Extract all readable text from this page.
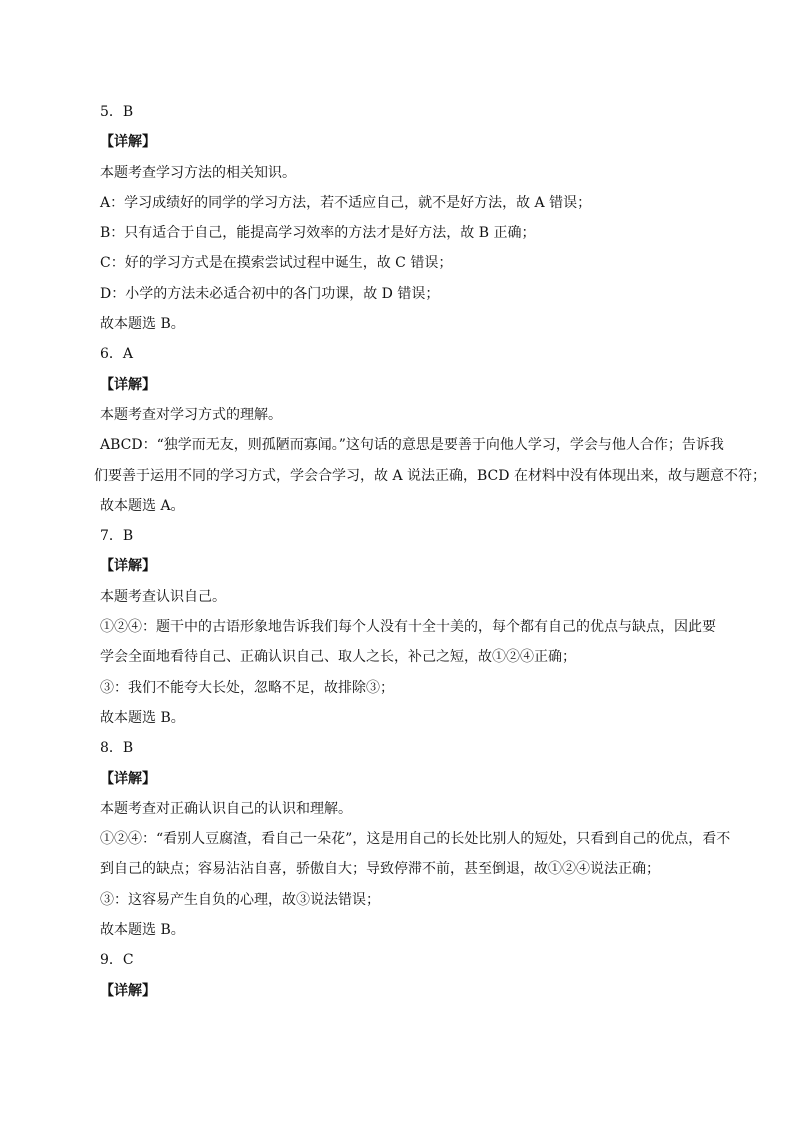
5．B
【详解】
本题考查学习方法的相关知识。
A：学习成绩好的同学的学习方法，若不适应自己，就不是好方法，故 A 错误；
B：只有适合于自己，能提高学习效率的方法才是好方法，故 B 正确；
C：好的学习方式是在摸索尝试过程中诞生，故 C 错误；
D：小学的方法未必适合初中的各门功课，故 D 错误；
故本题选 B。
6．A
【详解】
本题考查对学习方式的理解。
ABCD：“独学而无友，则孤陋而寡闻。”这句话的意思是要善于向他人学习，学会与他人合作；告诉我
们要善于运用不同的学习方式，学会合学习，故 A 说法正确，BCD 在材料中没有体现出来，故与题意不符；
故本题选 A。
7．B
【详解】
本题考查认识自己。
①②④：题干中的古语形象地告诉我们每个人没有十全十美的，每个都有自己的优点与缺点，因此要
学会全面地看待自己、正确认识自己、取人之长，补己之短，故①②④正确；
③：我们不能夸大长处，忽略不足，故排除③；
故本题选 B。
8．B
【详解】
本题考查对正确认识自己的认识和理解。
①②④：“看别人豆腐渣，看自己一朵花”，这是用自己的长处比别人的短处，只看到自己的优点，看不
到自己的缺点；容易沾沾自喜，骄傲自大；导致停滞不前，甚至倒退，故①②④说法正确；
③：这容易产生自负的心理，故③说法错误；
故本题选 B。
9．C
【详解】
